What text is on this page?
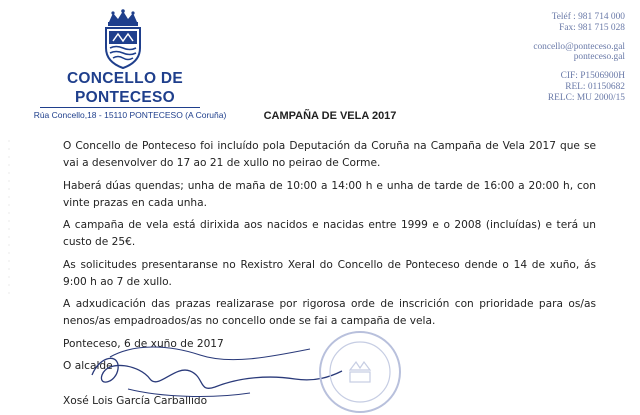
CONCELLO DE
PONTECESO
Rúa Concello,18 - 15110 PONTECESO (A Coruña)
Teléf : 981 714 000
Fax: 981 715 028
concello@ponteceso.gal
ponteceso.gal
CIF: P1506900H
REL: 01150682
RELC: MU 2000/15
CAMPAÑA DE VELA 2017

O Concello de Ponteceso foi incluído pola Deputación da Coruña na Campaña de Vela 2017 que se vai a desenvolver do 17 ao 21 de xullo no peirao de Corme.

Haberá dúas quendas; unha de maña de 10:00 a 14:00 h e unha de tarde de 16:00 a 20:00 h, con vinte prazas en cada unha.

A campaña de vela está dirixida aos nacidos e nacidas entre 1999 e o 2008 (incluídas) e terá un custo de 25€.

As solicitudes presentaranse no Rexistro Xeral do Concello de Ponteceso dende o 14 de xuño, ás 9:00 h ao 7 de xullo.

A adxudicación das prazas realizarase por rigorosa orde de inscrición con prioridade para os/as nenos/as empadroados/as no concello onde se fai a campaña de vela.

Ponteceso, 6 de xuño de 2017

O alcalde

Xosé Lois García Carballido
